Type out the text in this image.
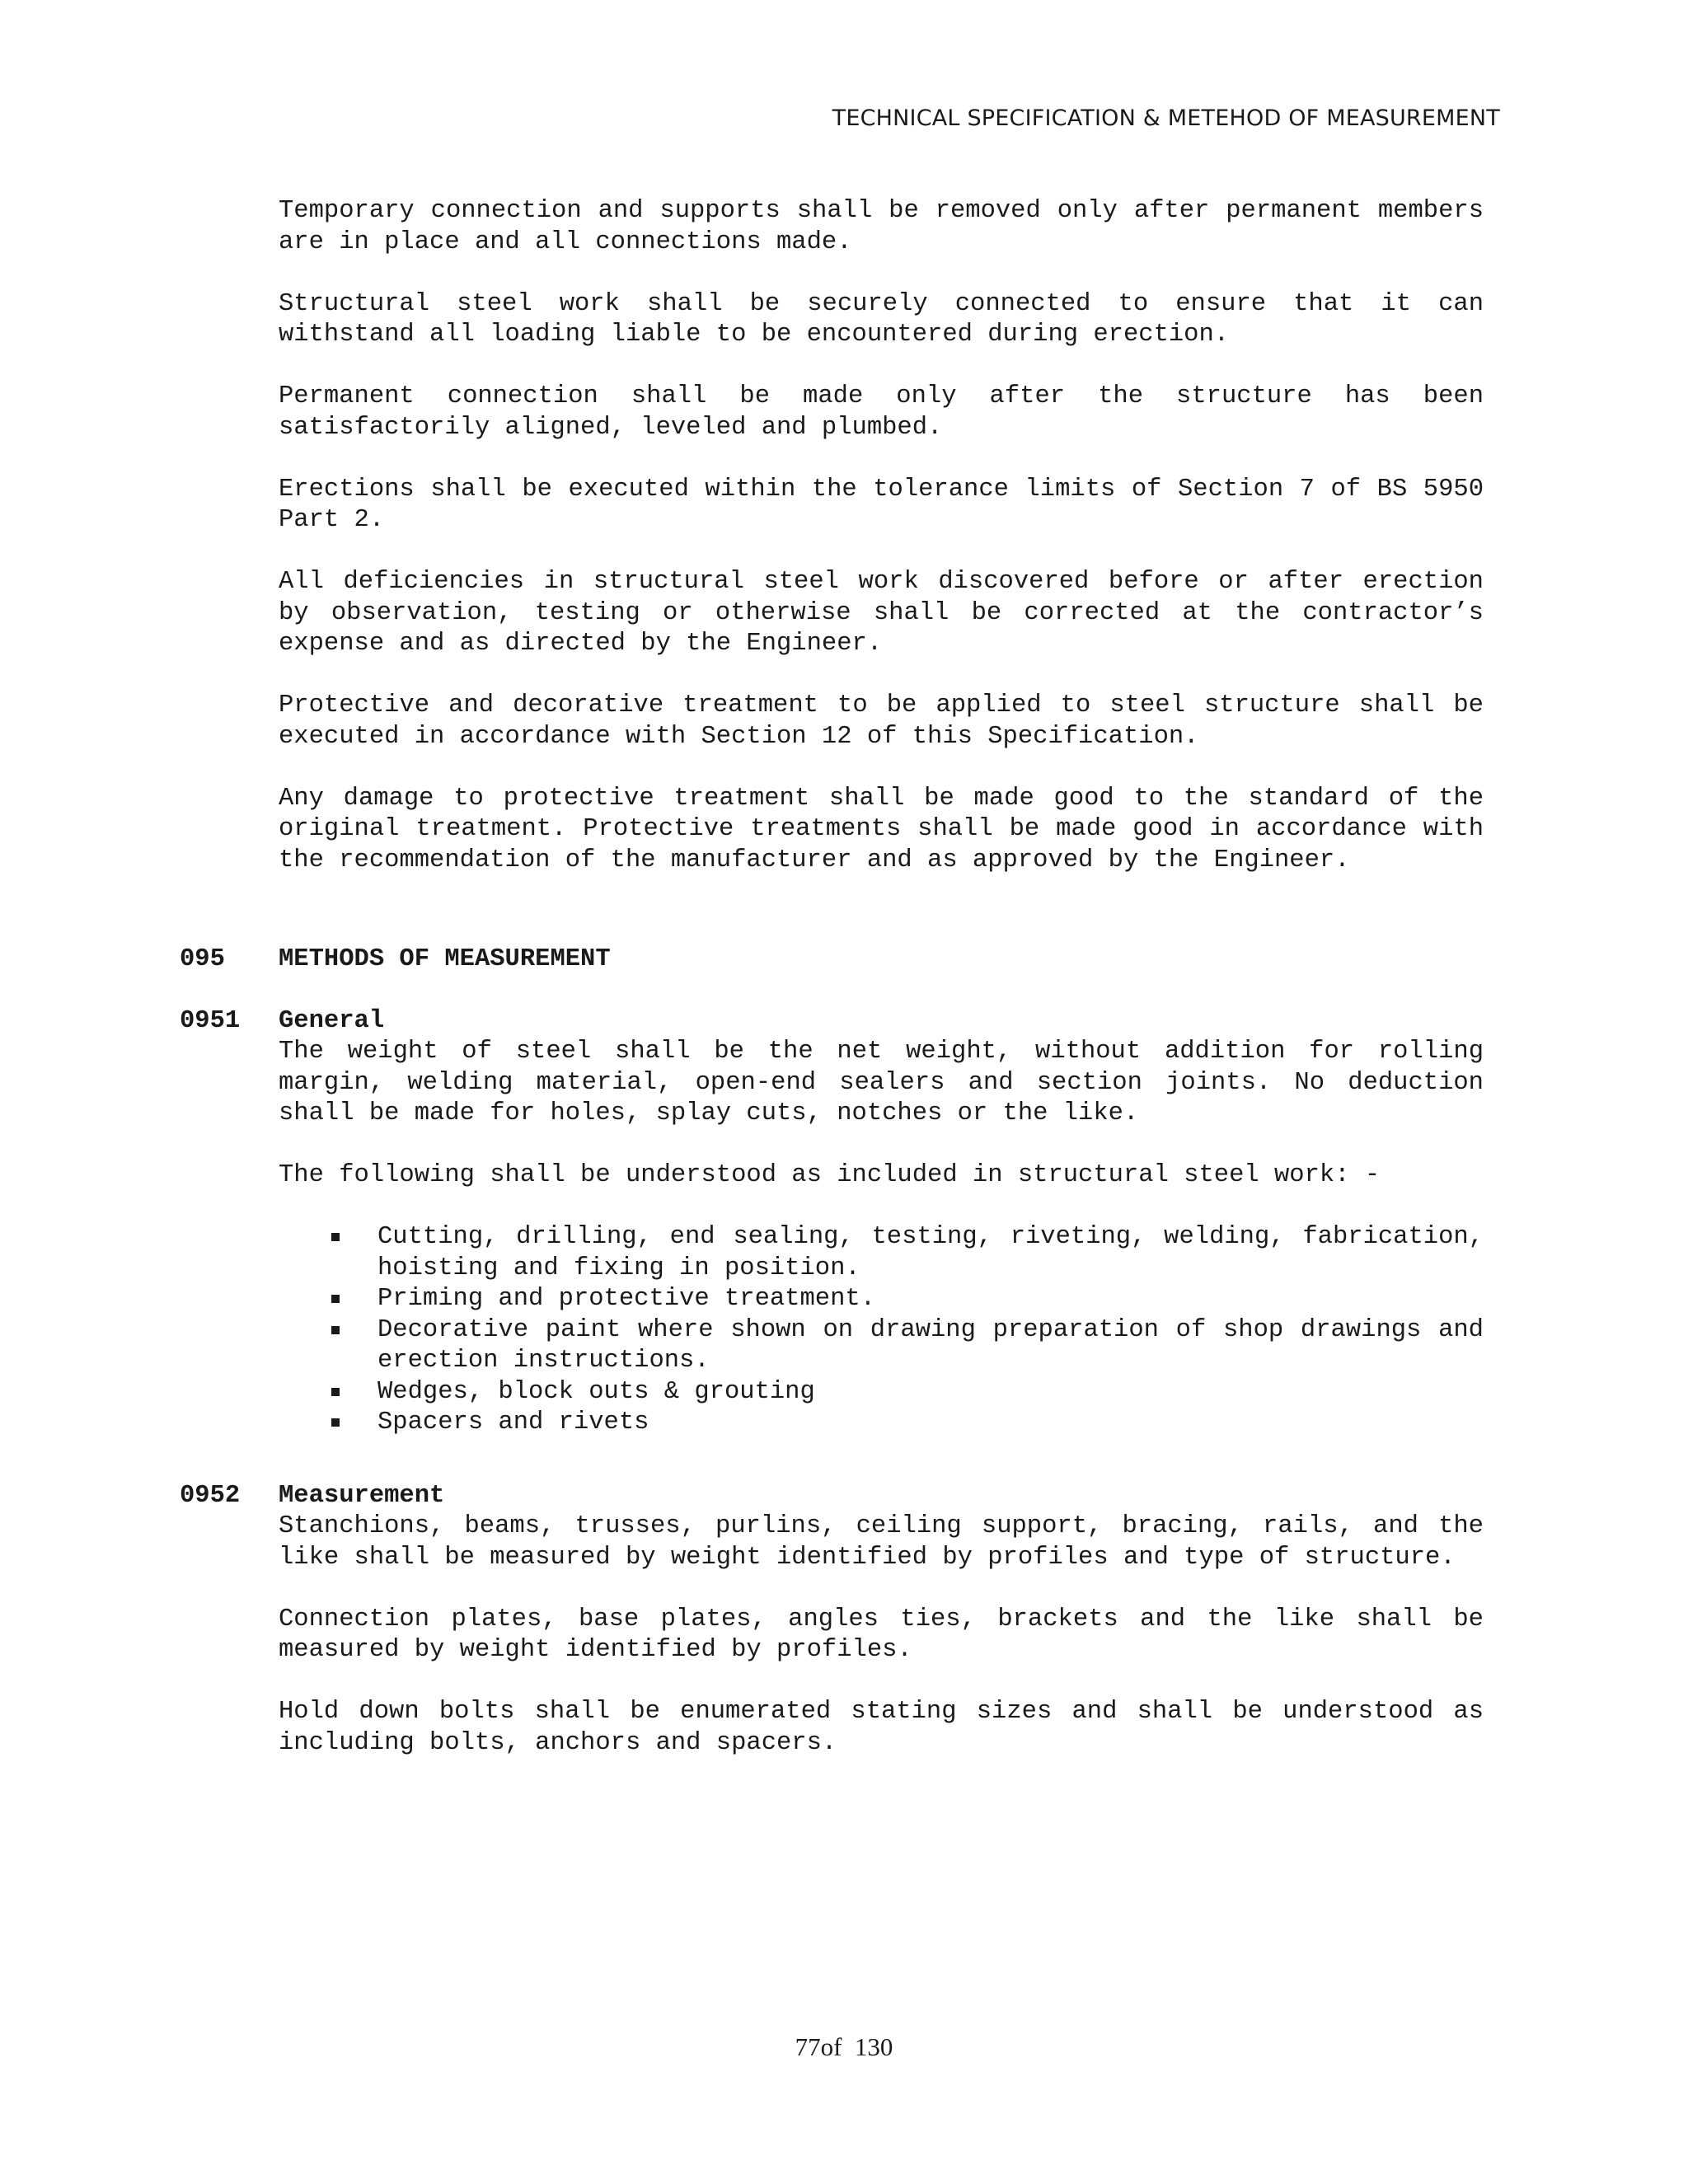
TECHNICAL SPECIFICATION & METEHOD OF MEASUREMENT

Temporary connection and supports shall be removed only after permanent members are in place and all connections made.

Structural steel work shall be securely connected to ensure that it can withstand all loading liable to be encountered during erection.

Permanent connection shall be made only after the structure has been satisfactorily aligned, leveled and plumbed.

Erections shall be executed within the tolerance limits of Section 7 of BS 5950 Part 2.

All deficiencies in structural steel work discovered before or after erection by observation, testing or otherwise shall be corrected at the contractor’s expense and as directed by the Engineer.

Protective and decorative treatment to be applied to steel structure shall be executed in accordance with Section 12 of this Specification.

Any damage to protective treatment shall be made good to the standard of the original treatment. Protective treatments shall be made good in accordance with the recommendation of the manufacturer and as approved by the Engineer.

095 METHODS OF MEASUREMENT
0951 General

The weight of steel shall be the net weight, without addition for rolling margin, welding material, open-end sealers and section joints. No deduction shall be made for holes, splay cuts, notches or the like.

The following shall be understood as included in structural steel work: -

Cutting, drilling, end sealing, testing, riveting, welding, fabrication, hoisting and fixing in position.
Priming and protective treatment.
Decorative paint where shown on drawing preparation of shop drawings and erection instructions.
Wedges, block outs & grouting
Spacers and rivets
0952 Measurement

Stanchions, beams, trusses, purlins, ceiling support, bracing, rails, and the like shall be measured by weight identified by profiles and type of structure.

Connection plates, base plates, angles ties, brackets and the like shall be measured by weight identified by profiles.

Hold down bolts shall be enumerated stating sizes and shall be understood as including bolts, anchors and spacers.

77of 130
